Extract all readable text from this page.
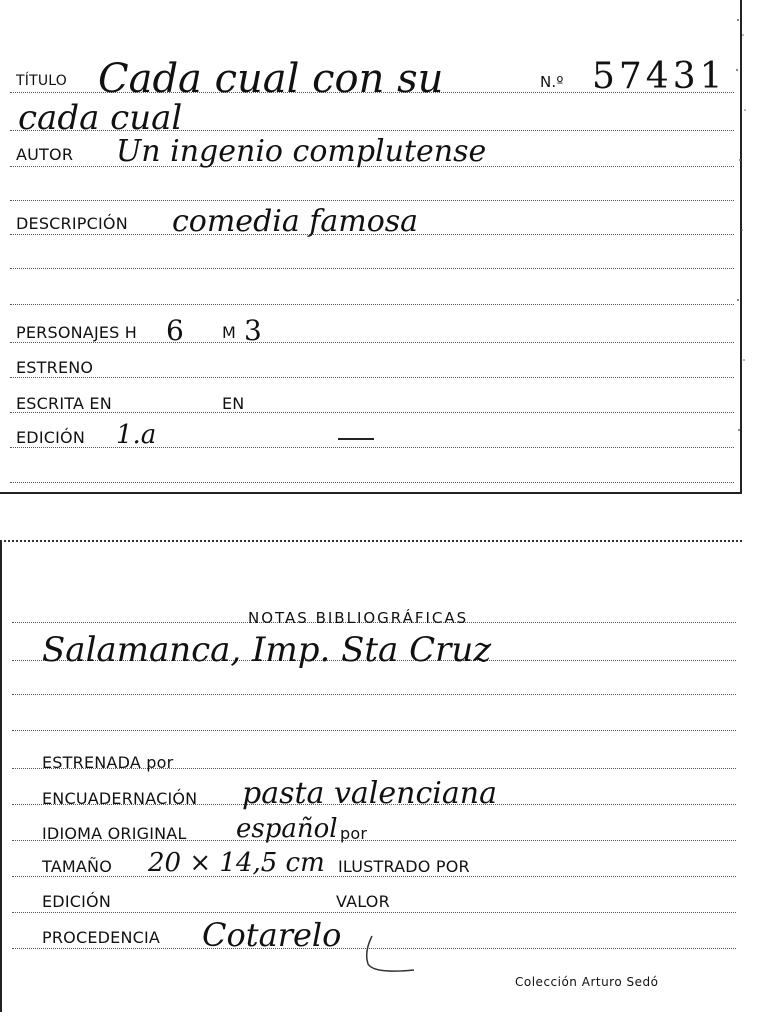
TÍTULO Cada cual con su	N.º 57431
cada cual
AUTOR Un ingenio complutense
DESCRIPCIÓN comedia famosa
PERSONAJES H 6 M 3
ESTRENO
ESCRITA EN	EN
EDICIÓN 1.a
NOTAS BIBLIOGRÁFICAS
Salamanca, Imp. Sta Cruz
ESTRENADA por
ENCUADERNACIÓN pasta valenciana
IDIOMA ORIGINAL español por
TAMAÑO 20 × 14,5 cm ILUSTRADO POR
EDICIÓN	VALOR
PROCEDENCIA Cotarelo
Colección Arturo Sedó
